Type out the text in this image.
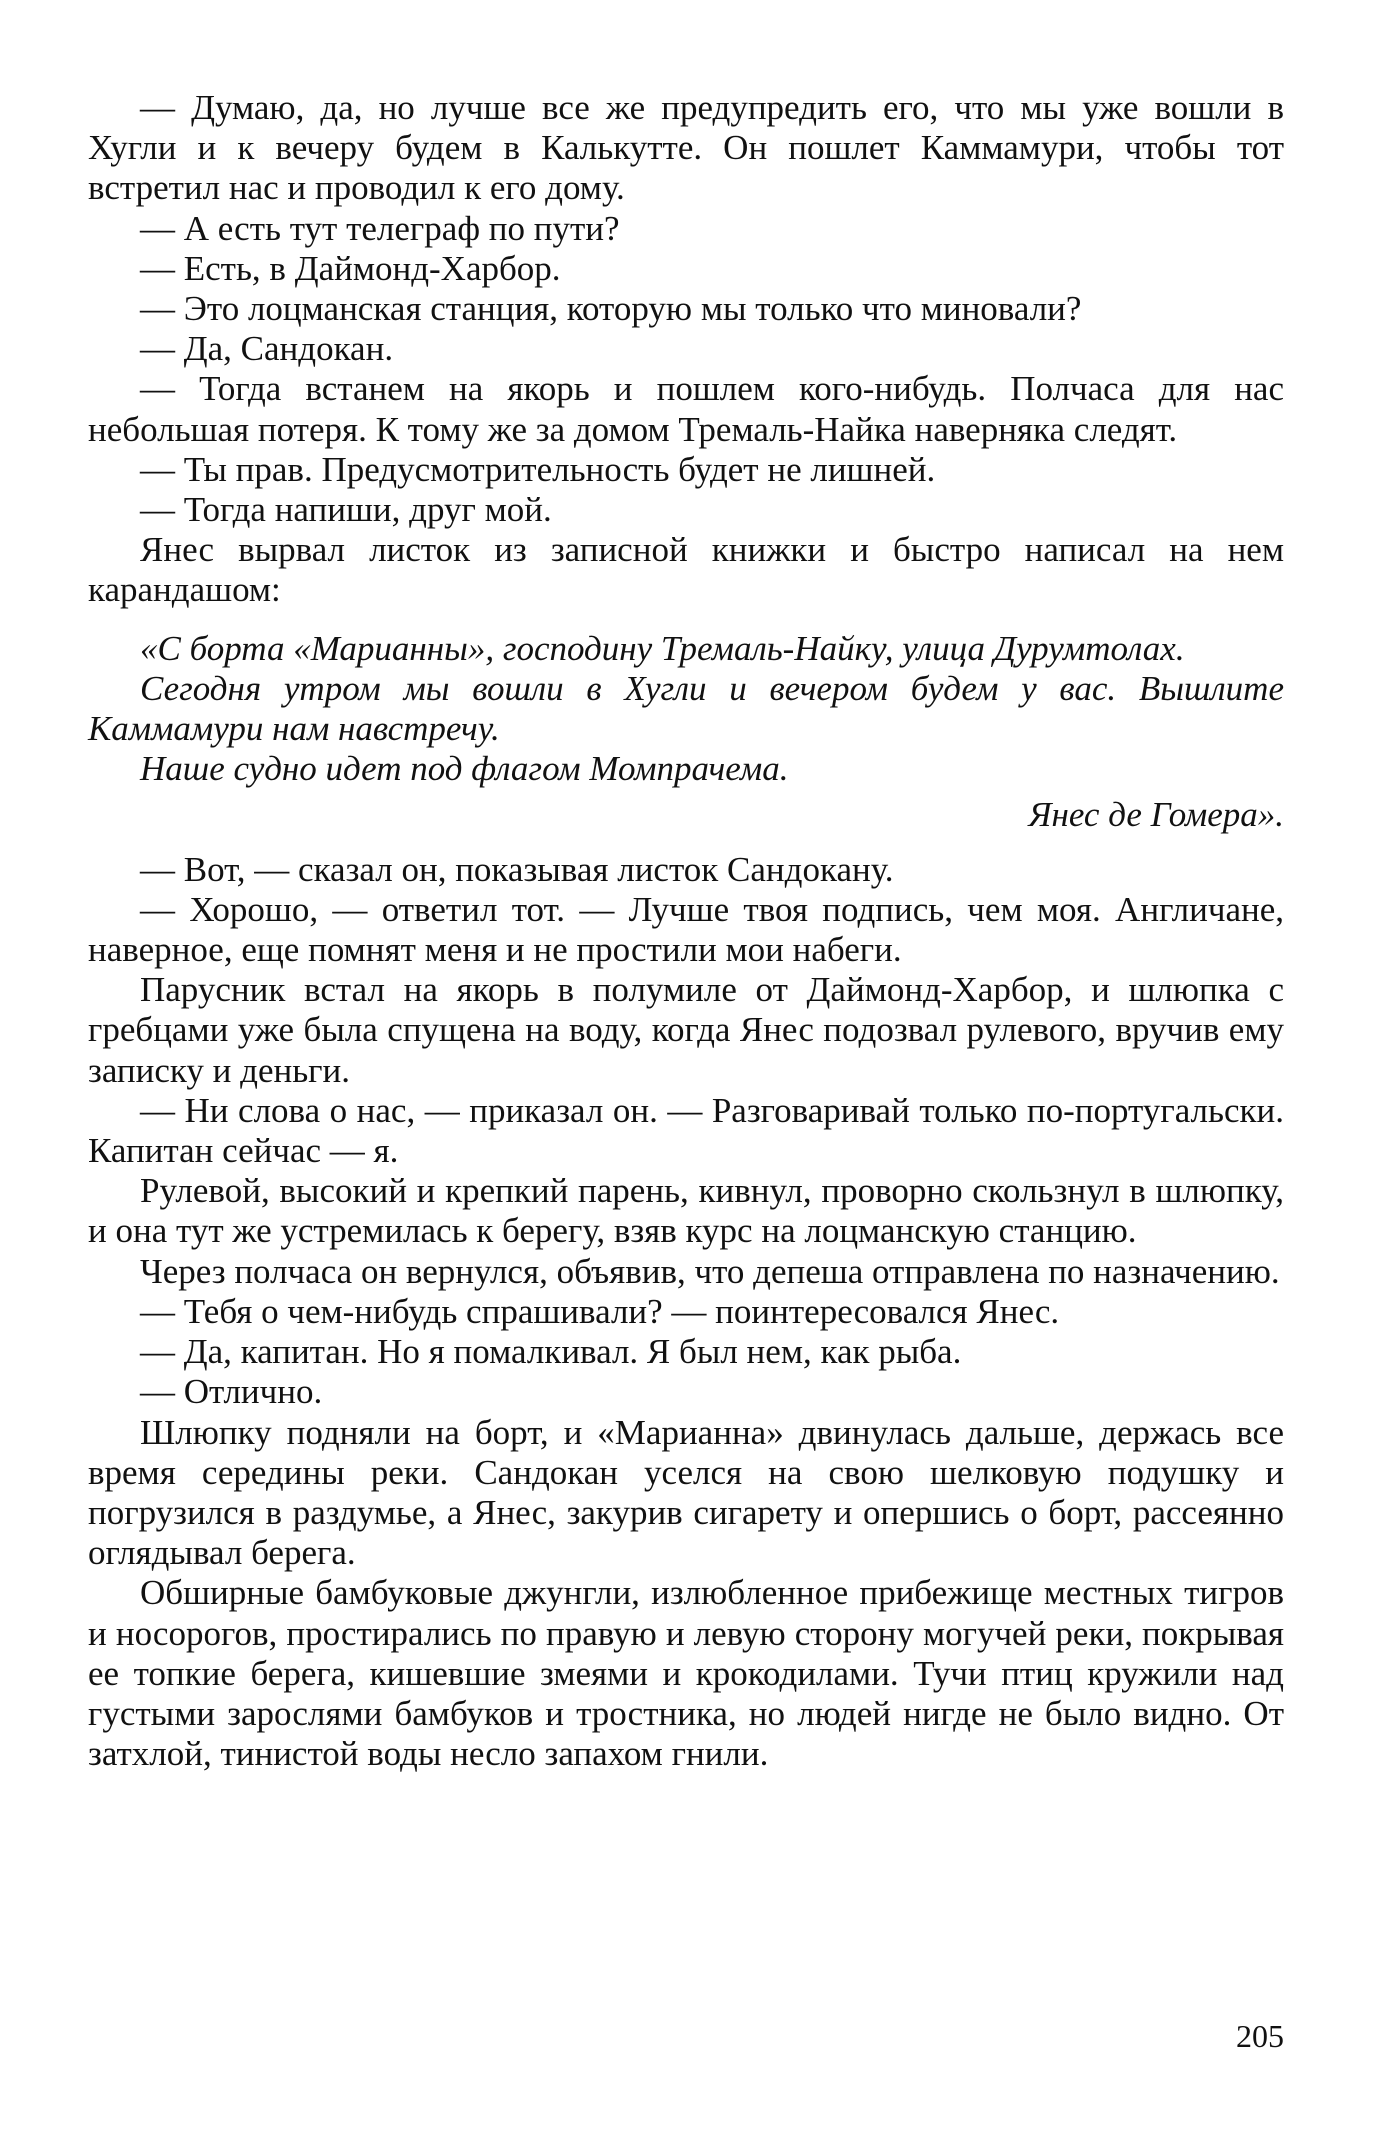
— Думаю, да, но лучше все же предупредить его, что мы уже вошли в Хугли и к вечеру будем в Калькутте. Он пошлет Каммамури, чтобы тот встретил нас и проводил к его дому.

— А есть тут телеграф по пути?

— Есть, в Даймонд-Харбор.

— Это лоцманская станция, которую мы только что миновали?

— Да, Сандокан.

— Тогда встанем на якорь и пошлем кого-нибудь. Полчаса для нас небольшая потеря. К тому же за домом Тремаль-Найка наверняка следят.

— Ты прав. Предусмотрительность будет не лишней.

— Тогда напиши, друг мой.

Янес вырвал листок из записной книжки и быстро написал на нем карандашом:

«С борта «Марианны», господину Тремаль-Найку, улица Дурумтолах.

Сегодня утром мы вошли в Хугли и вечером будем у вас. Вышлите Каммамури нам навстречу.

Наше судно идет под флагом Момпрачема.

Янес де Гомера».

— Вот, — сказал он, показывая листок Сандокану.

— Хорошо, — ответил тот. — Лучше твоя подпись, чем моя. Англичане, наверное, еще помнят меня и не простили мои набеги.

Парусник встал на якорь в полумиле от Даймонд-Харбор, и шлюпка с гребцами уже была спущена на воду, когда Янес подозвал рулевого, вручив ему записку и деньги.

— Ни слова о нас, — приказал он. — Разговаривай только по-португальски. Капитан сейчас — я.

Рулевой, высокий и крепкий парень, кивнул, проворно скользнул в шлюпку, и она тут же устремилась к берегу, взяв курс на лоцманскую станцию.

Через полчаса он вернулся, объявив, что депеша отправлена по назначению.

— Тебя о чем-нибудь спрашивали? — поинтересовался Янес.

— Да, капитан. Но я помалкивал. Я был нем, как рыба.

— Отлично.

Шлюпку подняли на борт, и «Марианна» двинулась дальше, держась все время середины реки. Сандокан уселся на свою шелковую подушку и погрузился в раздумье, а Янес, закурив сигарету и опершись о борт, рассеянно оглядывал берега.

Обширные бамбуковые джунгли, излюбленное прибежище местных тигров и носорогов, простирались по правую и левую сторону могучей реки, покрывая ее топкие берега, кишевшие змеями и крокодилами. Тучи птиц кружили над густыми зарослями бамбуков и тростника, но людей нигде не было видно. От затхлой, тинистой воды несло запахом гнили.

205
